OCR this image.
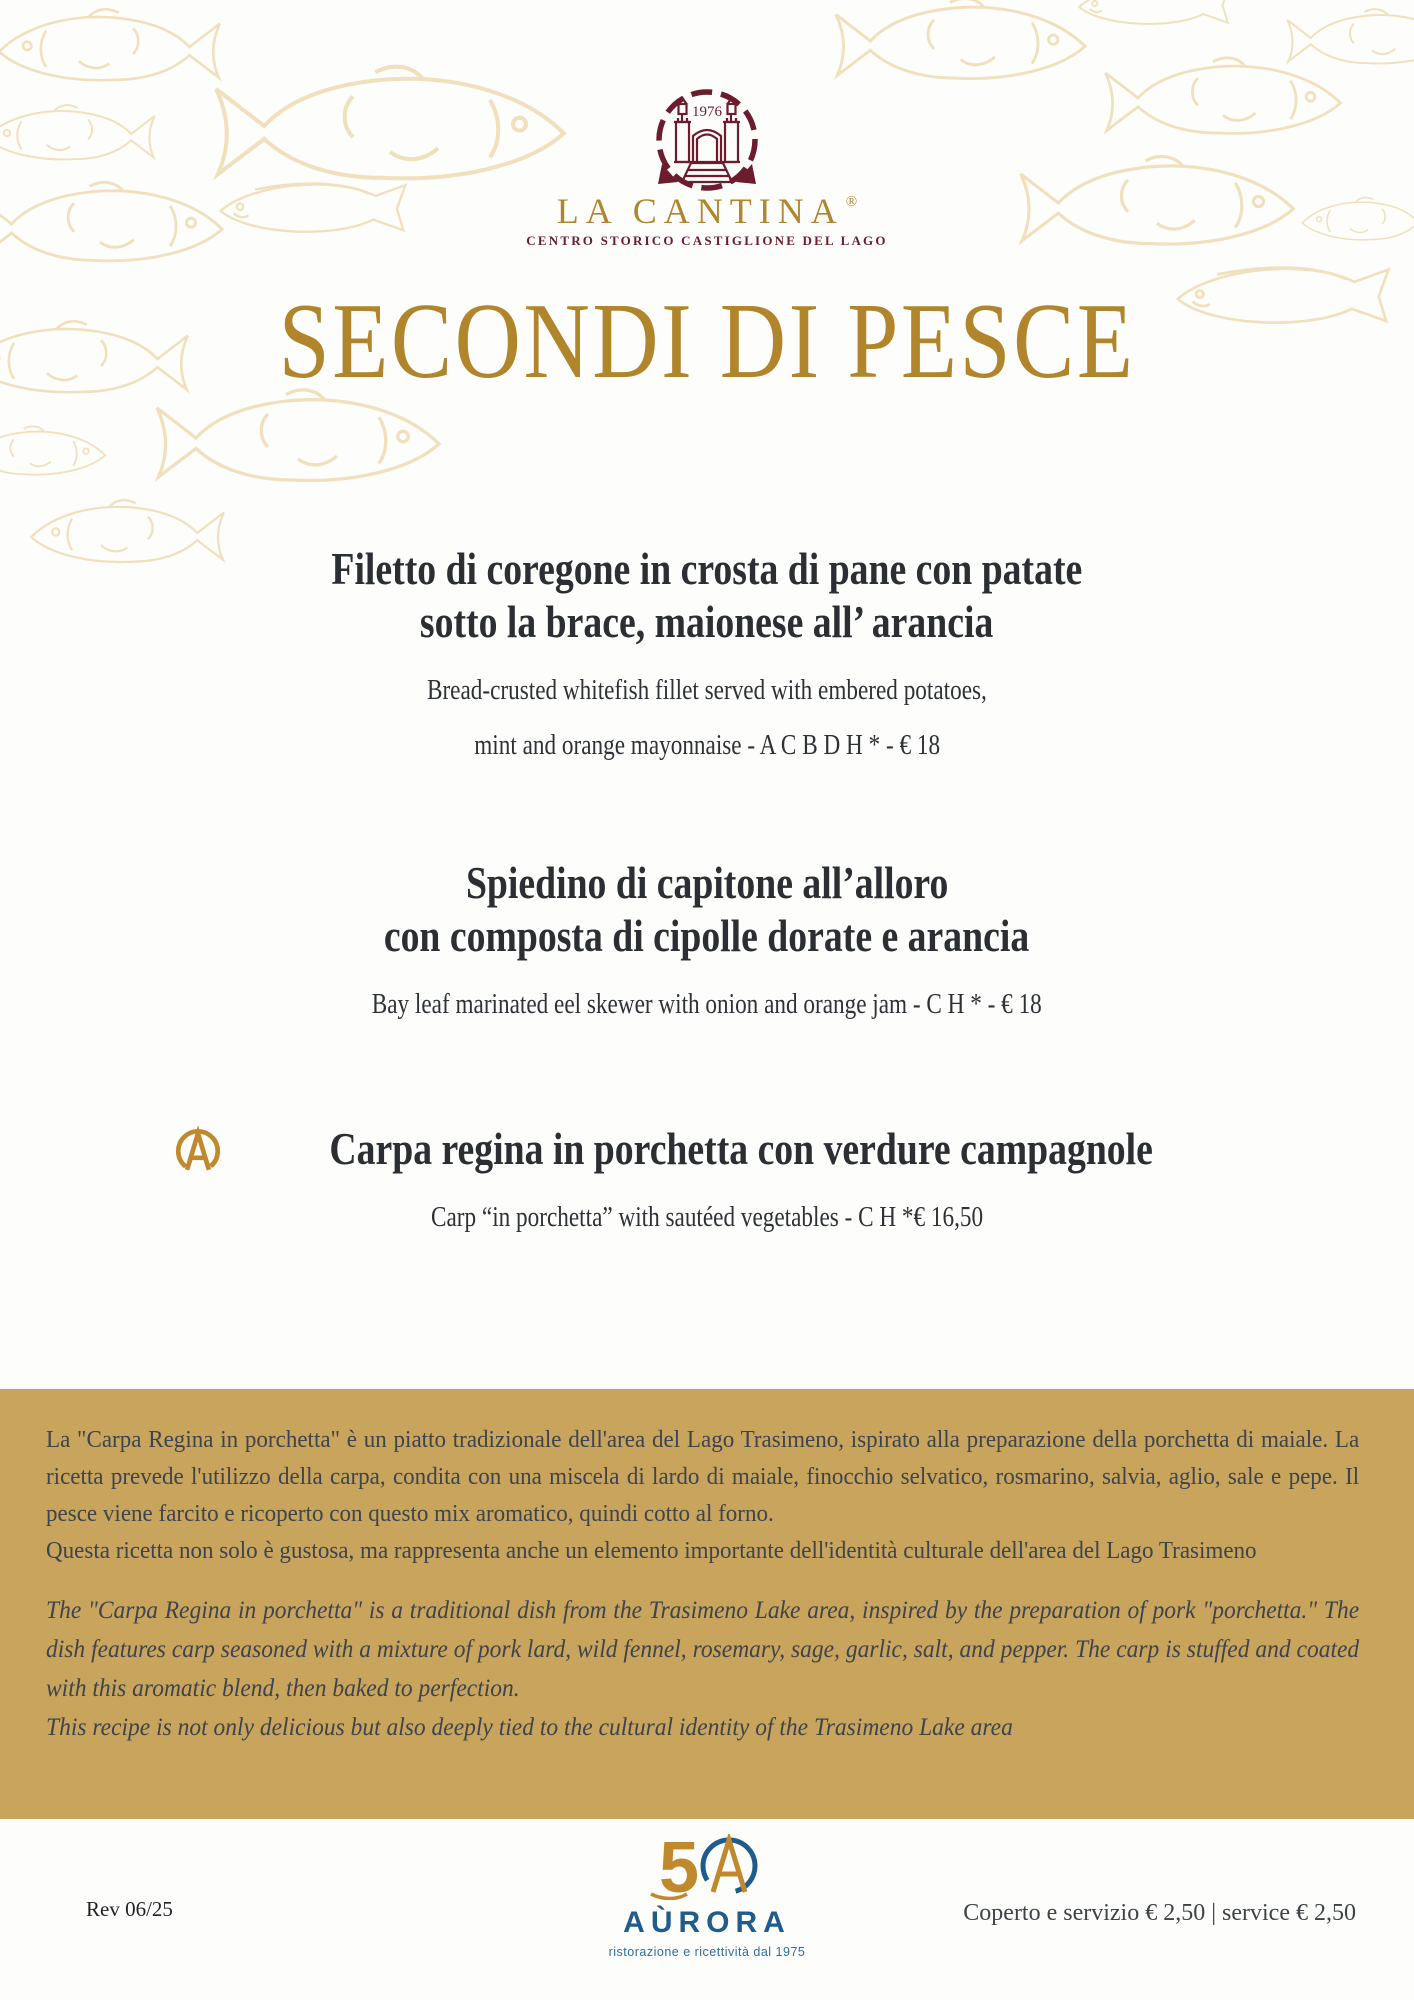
1976
LA CANTINA ®
CENTRO STORICO CASTIGLIONE DEL LAGO
SECONDI DI PESCE
Filetto di coregone in crosta di pane con patate
sotto la brace, maionese all’ arancia
Bread-crusted whitefish fillet served with embered potatoes,
mint and orange mayonnaise - A C B D H * - € 18
Spiedino di capitone all’alloro
con composta di cipolle dorate e arancia
Bay leaf marinated eel skewer with onion and orange jam - C H * - € 18
Carpa regina in porchetta con verdure campagnole
Carp “in porchetta” with sautéed vegetables - C H *€ 16,50

La "Carpa Regina in porchetta" è un piatto tradizionale dell'area del Lago Trasimeno, ispirato alla preparazione della porchetta di maiale. La ricetta prevede l'utilizzo della carpa, condita con una miscela di lardo di maiale, finocchio selvatico, rosmarino, salvia, aglio, sale e pepe. Il pesce viene farcito e ricoperto con questo mix aromatico, quindi cotto al forno.

Questa ricetta non solo è gustosa, ma rappresenta anche un elemento importante dell'identità culturale dell'area del Lago Trasimeno

The "Carpa Regina in porchetta" is a traditional dish from the Trasimeno Lake area, inspired by the preparation of pork "porchetta." The dish features carp seasoned with a mixture of pork lard, wild fennel, rosemary, sage, garlic, salt, and pepper. The carp is stuffed and coated with this aromatic blend, then baked to perfection.

This recipe is not only delicious but also deeply tied to the cultural identity of the Trasimeno Lake area

Rev 06/25
5
AÙRORA
ristorazione e ricettività dal 1975
Coperto e servizio € 2,50 | service € 2,50
